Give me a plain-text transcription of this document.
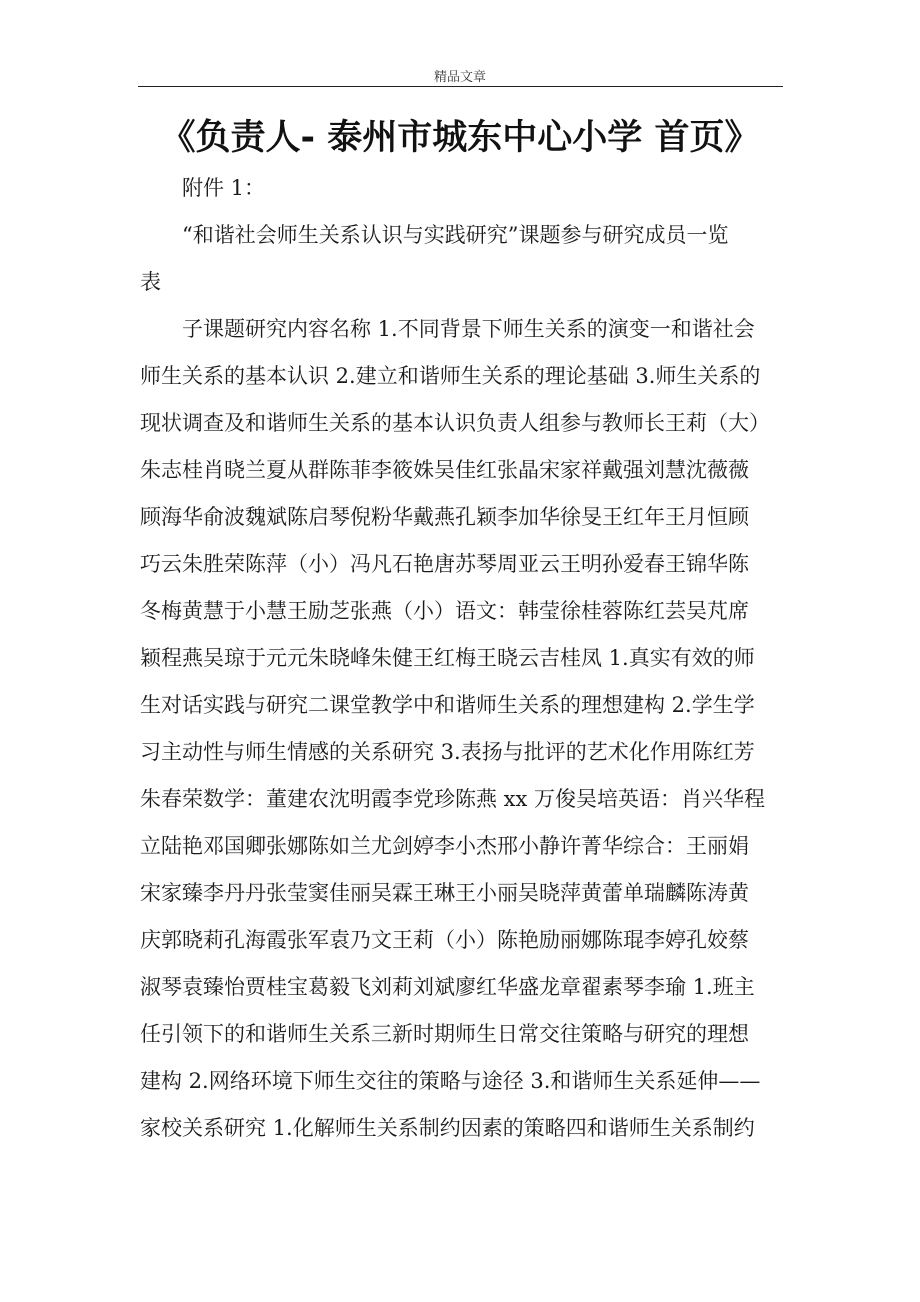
精品文章
《负责人- 泰州市城东中心小学 首页》

附件 1：

“和谐社会师生关系认识与实践研究”课题参与研究成员一览

表

子课题研究内容名称 1.不同背景下师生关系的演变一和谐社会

师生关系的基本认识 2.建立和谐师生关系的理论基础 3.师生关系的
现状调查及和谐师生关系的基本认识负责人组参与教师长王莉（大）
朱志桂肖晓兰夏从群陈菲李筱姝吴佳红张晶宋家祥戴强刘慧沈薇薇
顾海华俞波魏斌陈启琴倪粉华戴燕孔颖李加华徐旻王红年王月恒顾
巧云朱胜荣陈萍（小）冯凡石艳唐苏琴周亚云王明孙爱春王锦华陈
冬梅黄慧于小慧王励芝张燕（小）语文：韩莹徐桂蓉陈红芸吴芃席
颖程燕吴琼于元元朱晓峰朱健王红梅王晓云吉桂凤 1.真实有效的师
生对话实践与研究二课堂教学中和谐师生关系的理想建构 2.学生学
习主动性与师生情感的关系研究 3.表扬与批评的艺术化作用陈红芳
朱春荣数学：董建农沈明霞李党珍陈燕 xx 万俊吴培英语：肖兴华程
立陆艳邓国卿张娜陈如兰尤剑婷李小杰邢小静许菁华综合：王丽娟
宋家臻李丹丹张莹窦佳丽吴霖王琳王小丽吴晓萍黄蕾单瑞麟陈涛黄
庆郭晓莉孔海霞张军袁乃文王莉（小）陈艳励丽娜陈琨李婷孔姣蔡
淑琴袁臻怡贾桂宝葛毅飞刘莉刘斌廖红华盛龙章翟素琴李瑜 1.班主
任引领下的和谐师生关系三新时期师生日常交往策略与研究的理想
建构 2.网络环境下师生交往的策略与途径 3.和谐师生关系延伸——
家校关系研究 1.化解师生关系制约因素的策略四和谐师生关系制约
